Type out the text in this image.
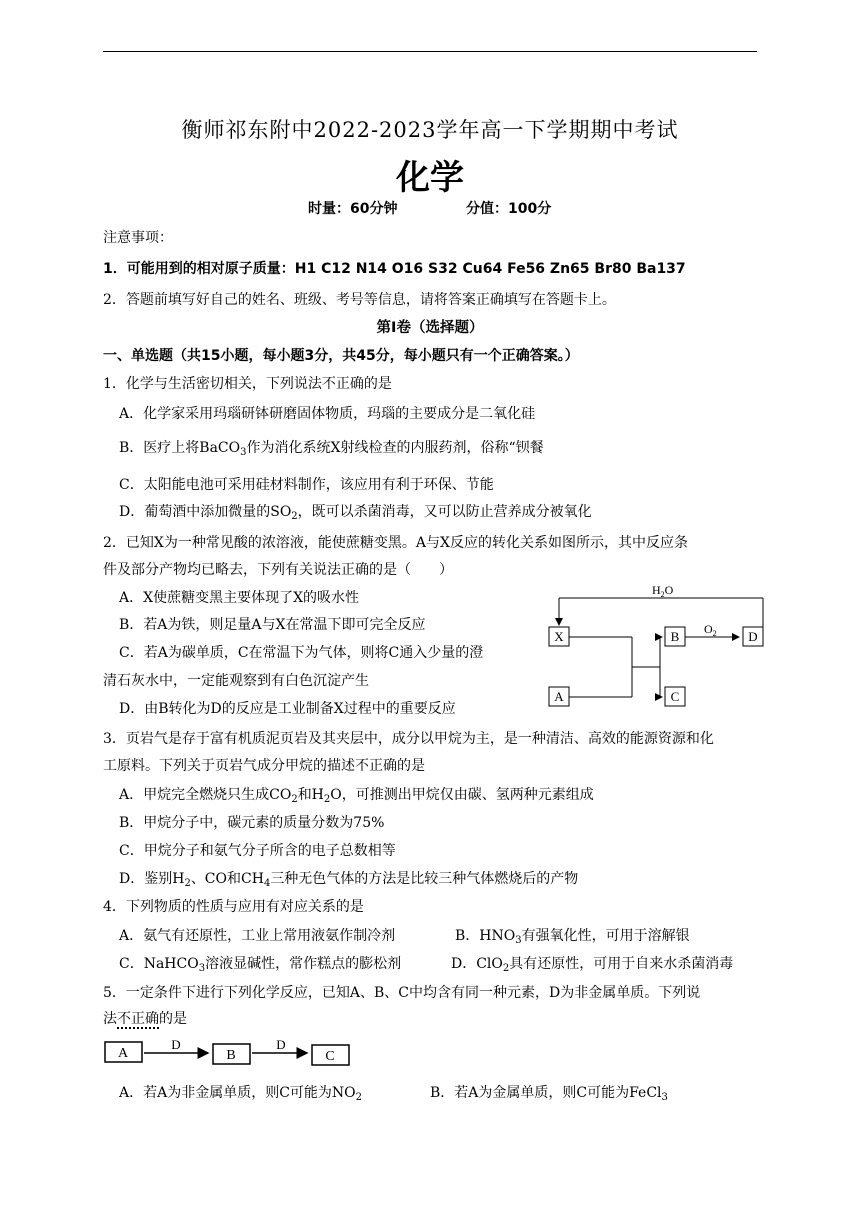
衡师祁东附中2022-2023学年高一下学期期中考试
化学
时量：60分钟	分值：100分
注意事项：
1．可能用到的相对原子质量：H1 C12 N14 O16 S32 Cu64 Fe56 Zn65 Br80 Ba137
2．答题前填写好自己的姓名、班级、考号等信息，请将答案正确填写在答题卡上。
第Ⅰ卷（选择题）
一、单选题（共15小题，每小题3分，共45分，每小题只有一个正确答案。）
1．化学与生活密切相关，下列说法不正确的是
A．化学家采用玛瑙研钵研磨固体物质，玛瑙的主要成分是二氧化硅
B．医疗上将BaCO$_3$作为消化系统X射线检查的内服药剂，俗称“钡餐
C．太阳能电池可采用硅材料制作，该应用有利于环保、节能
D．葡萄酒中添加微量的$SO_2$，既可以杀菌消毒，又可以防止营养成分被氧化
2．已知X为一种常见酸的浓溶液，能使蔗糖变黑。A与X反应的转化关系如图所示，其中反应条
件及部分产物均已略去，下列有关说法正确的是（　　）
A．X使蔗糖变黑主要体现了X的吸水性
B．若A为铁，则足量A与X在常温下即可完全反应
C．若A为碳单质，C在常温下为气体，则将C通入少量的澄
清石灰水中，一定能观察到有白色沉淀产生
D．由B转化为D的反应是工业制备X过程中的重要反应
$H_2O$
X
A
B
C
$O_2$ D
3．页岩气是存于富有机质泥页岩及其夹层中，成分以甲烷为主，是一种清洁、高效的能源资源和化
工原料。下列关于页岩气成分甲烷的描述不正确的是
A．甲烷完全燃烧只生成$CO_2$和$H_2O$，可推测出甲烷仅由碳、氢两种元素组成
B．甲烷分子中，碳元素的质量分数为75%
C．甲烷分子和氨气分子所含的电子总数相等
D．鉴别$H_2$、CO和$CH_4$三种无色气体的方法是比较三种气体燃烧后的产物
4．下列物质的性质与应用有对应关系的是
A．氨气有还原性，工业上常用液氨作制冷剂	B．$HNO_3$有强氧化性，可用于溶解银
C．NaHCO$_3$溶液显碱性，常作糕点的膨松剂	D．ClO$_2$具有还原性，可用于自来水杀菌消毒
5．一定条件下进行下列化学反应，已知A、B、C中均含有同一种元素，D为非金属单质。下列说
法不正确的是
A
D
B
D
C
A．若A为非金属单质，则C可能为$NO_2$	B．若A为金属单质，则C可能为FeCl$_3$
